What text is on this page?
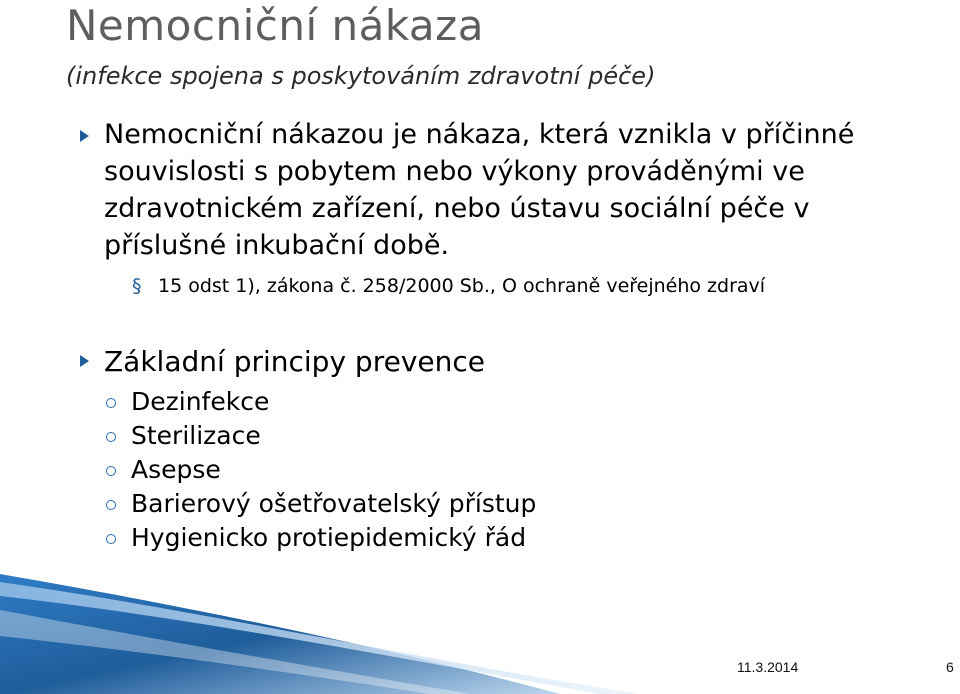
Nemocniční nákaza
(infekce spojena s poskytováním zdravotní péče)
Nemocniční nákazou je nákaza, která vznikla v příčinné souvislosti s pobytem nebo výkony prováděnými ve zdravotnickém zařízení, nebo ústavu sociální péče v příslušné inkubační době.
§ 15 odst 1), zákona č. 258/2000 Sb., O ochraně veřejného zdraví
Základní principy prevence
Dezinfekce
Sterilizace
Asepse
Barierový ošetřovatelský přístup
Hygienicko protiepidemický řád
11.3.2014	6
